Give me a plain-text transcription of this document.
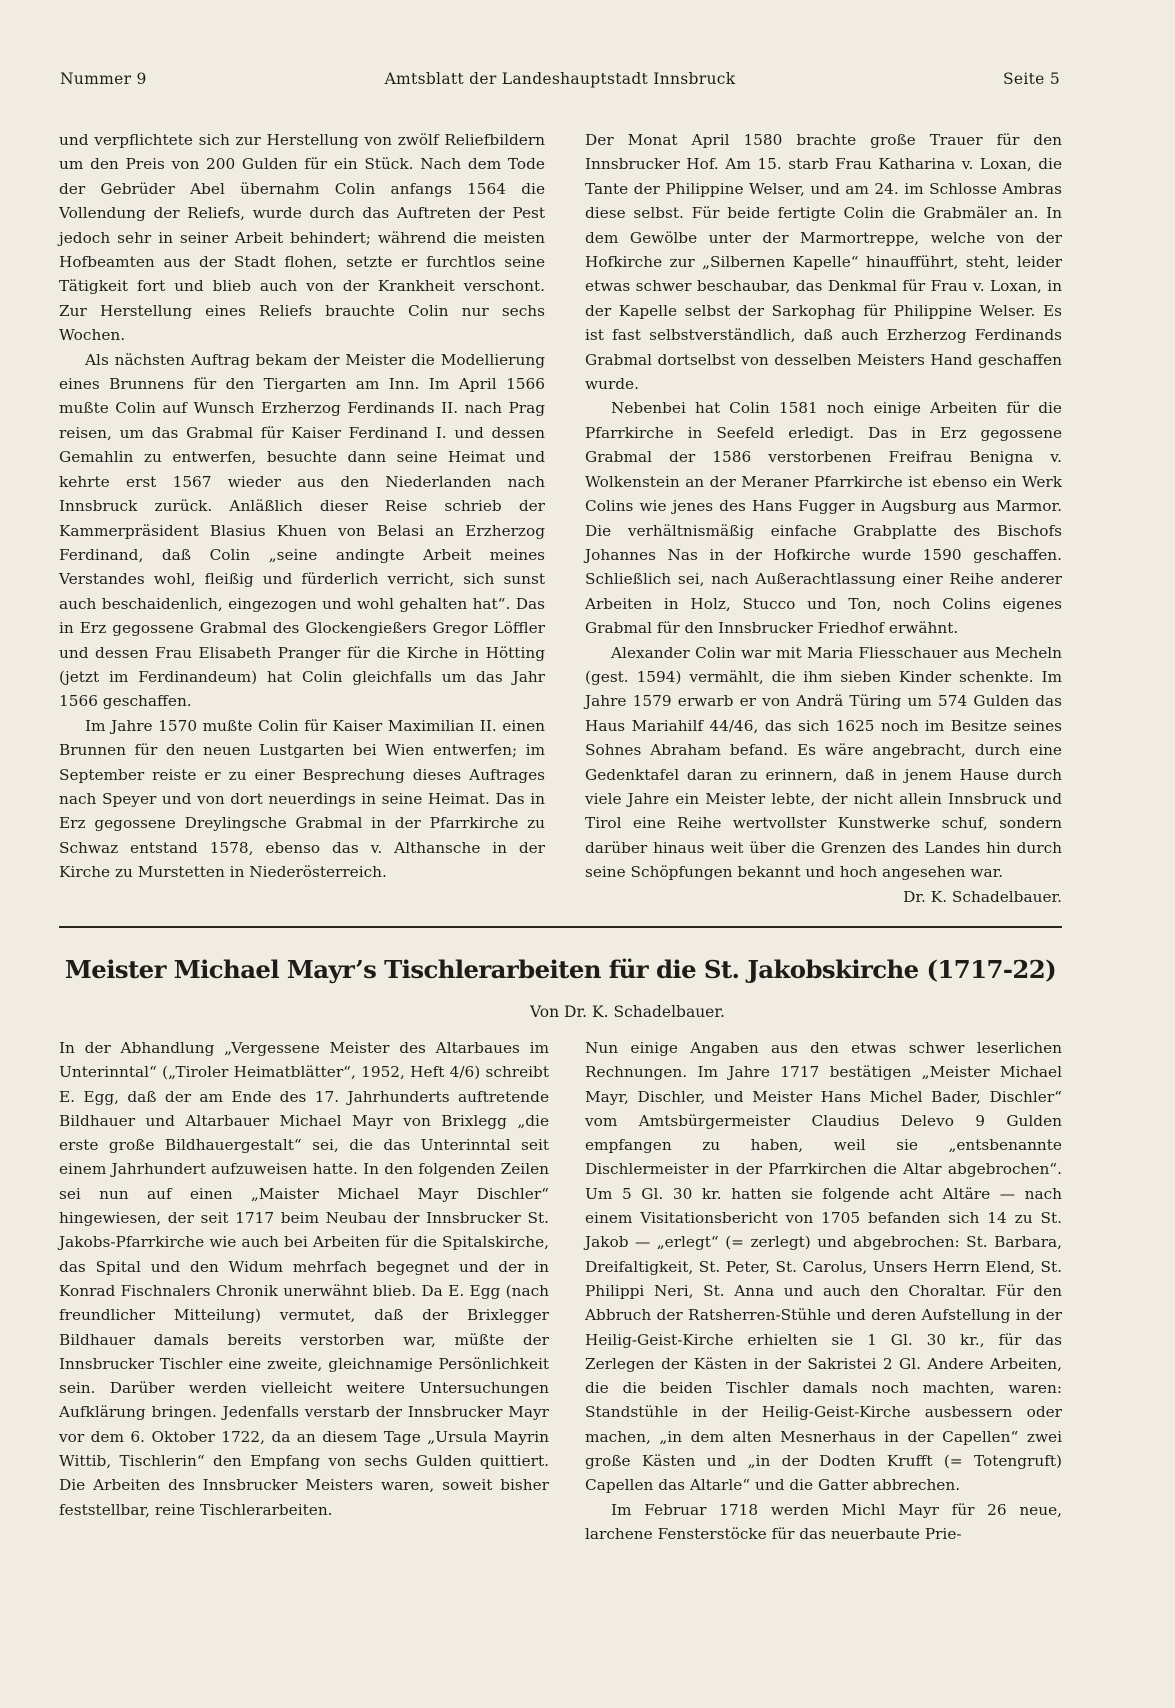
Nummer 9	Amtsblatt der Landeshauptstadt Innsbruck	Seite 5

und verpflichtete sich zur Herstellung von zwölf Reliefbildern um den Preis von 200 Gulden für ein Stück. Nach dem Tode der Gebrüder Abel übernahm Colin anfangs 1564 die Vollendung der Reliefs, wurde durch das Auftreten der Pest jedoch sehr in seiner Arbeit behindert; während die meisten Hofbeamten aus der Stadt flohen, setzte er furchtlos seine Tätigkeit fort und blieb auch von der Krankheit verschont. Zur Herstellung eines Reliefs brauchte Colin nur sechs Wochen.

Als nächsten Auftrag bekam der Meister die Modellierung eines Brunnens für den Tiergarten am Inn. Im April 1566 mußte Colin auf Wunsch Erzherzog Ferdinands II. nach Prag reisen, um das Grabmal für Kaiser Ferdinand I. und dessen Gemahlin zu entwerfen, besuchte dann seine Heimat und kehrte erst 1567 wieder aus den Niederlanden nach Innsbruck zurück. Anläßlich dieser Reise schrieb der Kammerpräsident Blasius Khuen von Belasi an Erzherzog Ferdinand, daß Colin „seine andingte Arbeit meines Verstandes wohl, fleißig und fürderlich verricht, sich sunst auch beschaidenlich, eingezogen und wohl gehalten hat“. Das in Erz gegossene Grabmal des Glockengießers Gregor Löffler und dessen Frau Elisabeth Pranger für die Kirche in Hötting (jetzt im Ferdinandeum) hat Colin gleichfalls um das Jahr 1566 geschaffen.

Im Jahre 1570 mußte Colin für Kaiser Maximilian II. einen Brunnen für den neuen Lustgarten bei Wien entwerfen; im September reiste er zu einer Besprechung dieses Auftrages nach Speyer und von dort neuerdings in seine Heimat. Das in Erz gegossene Dreylingsche Grabmal in der Pfarrkirche zu Schwaz entstand 1578, ebenso das v. Althansche in der Kirche zu Murstetten in Niederösterreich.

Der Monat April 1580 brachte große Trauer für den Innsbrucker Hof. Am 15. starb Frau Katharina v. Loxan, die Tante der Philippine Welser, und am 24. im Schlosse Ambras diese selbst. Für beide fertigte Colin die Grabmäler an. In dem Gewölbe unter der Marmortreppe, welche von der Hofkirche zur „Silbernen Kapelle“ hinaufführt, steht, leider etwas schwer beschaubar, das Denkmal für Frau v. Loxan, in der Kapelle selbst der Sarkophag für Philippine Welser. Es ist fast selbstverständlich, daß auch Erzherzog Ferdinands Grabmal dortselbst von desselben Meisters Hand geschaffen wurde.

Nebenbei hat Colin 1581 noch einige Arbeiten für die Pfarrkirche in Seefeld erledigt. Das in Erz gegossene Grabmal der 1586 verstorbenen Freifrau Benigna v. Wolkenstein an der Meraner Pfarrkirche ist ebenso ein Werk Colins wie jenes des Hans Fugger in Augsburg aus Marmor. Die verhältnismäßig einfache Grabplatte des Bischofs Johannes Nas in der Hofkirche wurde 1590 geschaffen. Schließlich sei, nach Außerachtlassung einer Reihe anderer Arbeiten in Holz, Stucco und Ton, noch Colins eigenes Grabmal für den Innsbrucker Friedhof erwähnt.

Alexander Colin war mit Maria Fliesschauer aus Mecheln (gest. 1594) vermählt, die ihm sieben Kinder schenkte. Im Jahre 1579 erwarb er von Andrä Türing um 574 Gulden das Haus Mariahilf 44/46, das sich 1625 noch im Besitze seines Sohnes Abraham befand. Es wäre angebracht, durch eine Gedenktafel daran zu erinnern, daß in jenem Hause durch viele Jahre ein Meister lebte, der nicht allein Innsbruck und Tirol eine Reihe wertvollster Kunstwerke schuf, sondern darüber hinaus weit über die Grenzen des Landes hin durch seine Schöpfungen bekannt und hoch angesehen war.
Dr. K. Schadelbauer.

Meister Michael Mayr’s Tischlerarbeiten für die St. Jakobskirche (1717-22)
Von Dr. K. Schadelbauer.

In der Abhandlung „Vergessene Meister des Altarbaues im Unterinntal“ („Tiroler Heimatblätter“, 1952, Heft 4/6) schreibt E. Egg, daß der am Ende des 17. Jahrhunderts auftretende Bildhauer und Altarbauer Michael Mayr von Brixlegg „die erste große Bildhauergestalt“ sei, die das Unterinntal seit einem Jahrhundert aufzuweisen hatte. In den folgenden Zeilen sei nun auf einen „Maister Michael Mayr Dischler“ hingewiesen, der seit 1717 beim Neubau der Innsbrucker St. Jakobs-Pfarrkirche wie auch bei Arbeiten für die Spitalskirche, das Spital und den Widum mehrfach begegnet und der in Konrad Fischnalers Chronik unerwähnt blieb. Da E. Egg (nach freundlicher Mitteilung) vermutet, daß der Brixlegger Bildhauer damals bereits verstorben war, müßte der Innsbrucker Tischler eine zweite, gleichnamige Persönlichkeit sein. Darüber werden vielleicht weitere Untersuchungen Aufklärung bringen. Jedenfalls verstarb der Innsbrucker Mayr vor dem 6. Oktober 1722, da an diesem Tage „Ursula Mayrin Wittib, Tischlerin“ den Empfang von sechs Gulden quittiert. Die Arbeiten des Innsbrucker Meisters waren, soweit bisher feststellbar, reine Tischlerarbeiten.

Nun einige Angaben aus den etwas schwer leserlichen Rechnungen. Im Jahre 1717 bestätigen „Meister Michael Mayr, Dischler, und Meister Hans Michel Bader, Dischler“ vom Amtsbürgermeister Claudius Delevo 9 Gulden empfangen zu haben, weil sie „entsbenannte Dischlermeister in der Pfarrkirchen die Altar abgebrochen“. Um 5 Gl. 30 kr. hatten sie folgende acht Altäre — nach einem Visitationsbericht von 1705 befanden sich 14 zu St. Jakob — „erlegt“ (= zerlegt) und abgebrochen: St. Barbara, Dreifaltigkeit, St. Peter, St. Carolus, Unsers Herrn Elend, St. Philippi Neri, St. Anna und auch den Choraltar. Für den Abbruch der Ratsherren-Stühle und deren Aufstellung in der Heilig-Geist-Kirche erhielten sie 1 Gl. 30 kr., für das Zerlegen der Kästen in der Sakristei 2 Gl. Andere Arbeiten, die die beiden Tischler damals noch machten, waren: Standstühle in der Heilig-Geist-Kirche ausbessern oder machen, „in dem alten Mesnerhaus in der Capellen“ zwei große Kästen und „in der Dodten Krufft (= Totengruft) Capellen das Altarle“ und die Gatter abbrechen.

Im Februar 1718 werden Michl Mayr für 26 neue, larchene Fensterstöcke für das neuerbaute Prie-
